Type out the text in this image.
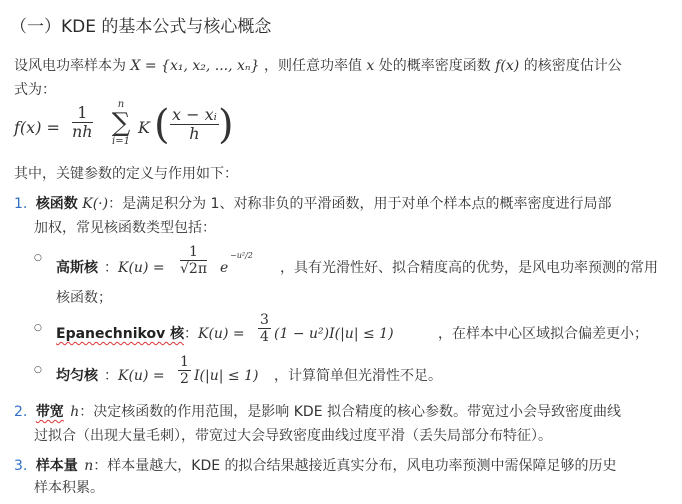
（一）KDE 的基本公式与核心概念
设风电功率样本为 X = {x₁, x₂, ..., xₙ} ，则任意功率值 x 处的概率密度函数 f(x) 的核密度估计公
式为：
$f(x) = \frac{1}{nh}$	n
∑
i=1
K ( $\frac{\text{x − xᵢ}}{h}$ )
其中，关键参数的定义与作用如下：
1. 核函数 K(·)：是满足积分为 1、对称非负的平滑函数，用于对单个样本点的概率密度进行局部
加权，常见核函数类型包括：
○
高斯核 ： $K(u) = \frac{1}{√2\pi}$ e
−u²/2
，具有光滑性好、拟合精度高的优势，是风电功率预测的常用
核函数；
○ Epanechnikov 核 ： $K(u) = \frac{3}{4} (1 - u^2)I(|u| \le 1)$	，在样本中心区域拟合偏差更小；
○ 均匀核 ： $K(u) = \frac{1}{2} I(|u| \le 1)$ ，计算简单但光滑性不足。
2. 带宽 h：决定核函数的作用范围，是影响 KDE 拟合精度的核心参数。带宽过小会导致密度曲线
过拟合（出现大量毛刺），带宽过大会导致密度曲线过度平滑（丢失局部分布特征）。
3. 样本量 n：样本量越大，KDE 的拟合结果越接近真实分布，风电功率预测中需保障足够的历史
样本积累。
